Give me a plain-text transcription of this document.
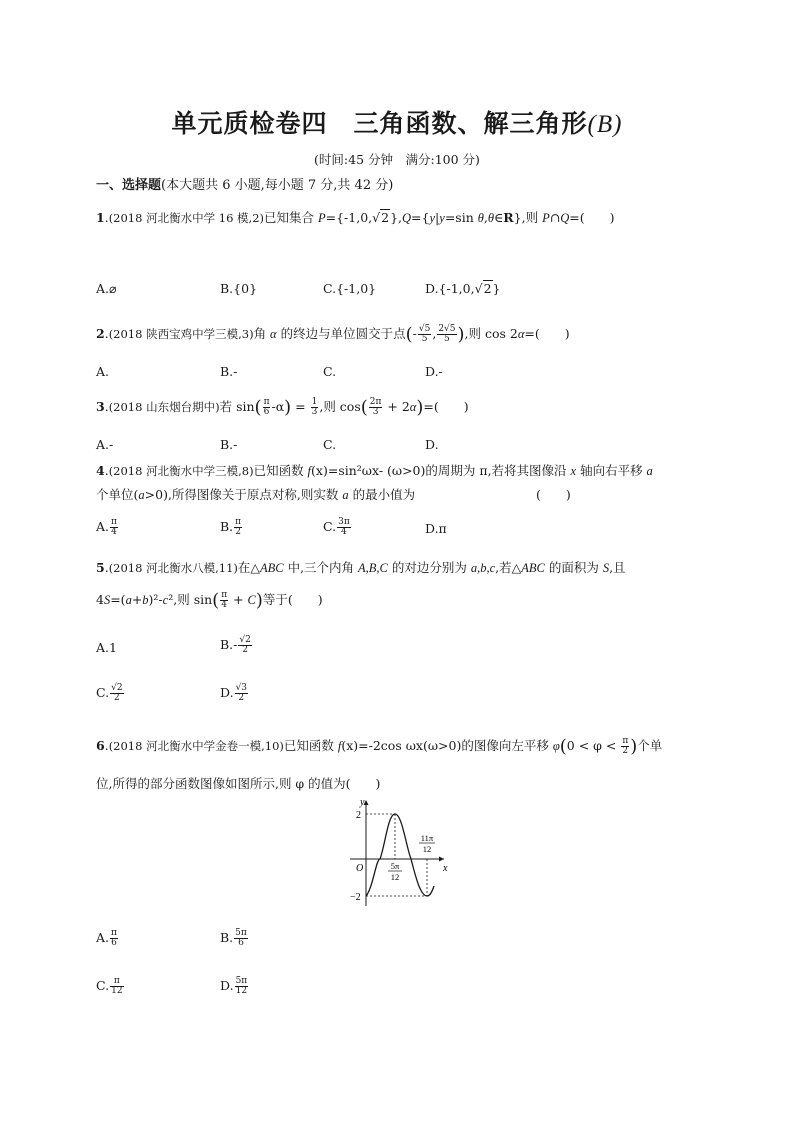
单元质检卷四　三角函数、解三角形(B)
(时间:45 分钟　满分:100 分)
一、选择题(本大题共 6 小题,每小题 7 分,共 42 分)
1.(2018 河北衡水中学 16 模,2)已知集合 P={-1,0,√2},Q={y|y=sin θ,θ∈R},则 P∩Q=(　　)
A.⌀	B.{0}	C.{-1,0}	D.{-1,0,√2}
2.(2018 陕西宝鸡中学三模,3)角 α 的终边与单位圆交于点(- $\frac{√5}{5}$ , $\frac{2√5}{5}$ ),则 cos 2α=(　　)
A.	B.-	C.	D.-
3.(2018 山东烟台期中)若 $\sin( \frac{\pi}{6} -\alpha) = \frac{1}{3}$ ,则 $\cos( \frac{2\pi}{3} + 2\alpha)=$(　　)
A.-	B.-	C.	D.
4.(2018 河北衡水中学三模,8)已知函数 f(x)=sin²ωx- (ω>0)的周期为 π,若将其图像沿 x 轴向右平移 a
个单位(a>0),所得图像关于原点对称,则实数 a 的最小值为	(　　)
A. $\frac{\pi}{4}$	B. $\frac{\pi}{2}$	C. $\frac{3\pi}{4}$	D.π
5.(2018 河北衡水八模,11)在△ABC 中,三个内角 A,B,C 的对边分别为 a,b,c,若△ABC 的面积为 S,且
4S=(a+b)²-c²,则 $\sin( \frac{\pi}{4} + C)$等于(　　)
A.1	$B.- \frac{√2}{2}$
C. $\frac{√2}{2}$	D. $\frac{√3}{2}$
6.(2018 河北衡水中学金卷一模,10)已知函数 f(x)=-2cos ωx(ω>0)的图像向左平移 $\varphi(0 < \varphi < \frac{\pi}{2}$ )个单
位,所得的部分函数图像如图所示,则 φ 的值为(　　)
y
x
O
2
−2
5π
12
11π
12
A. $\frac{\pi}{6}$	B. $\frac{5\pi}{6}$
C. $\frac{\pi}{12}$	D. $\frac{5\pi}{12}$
